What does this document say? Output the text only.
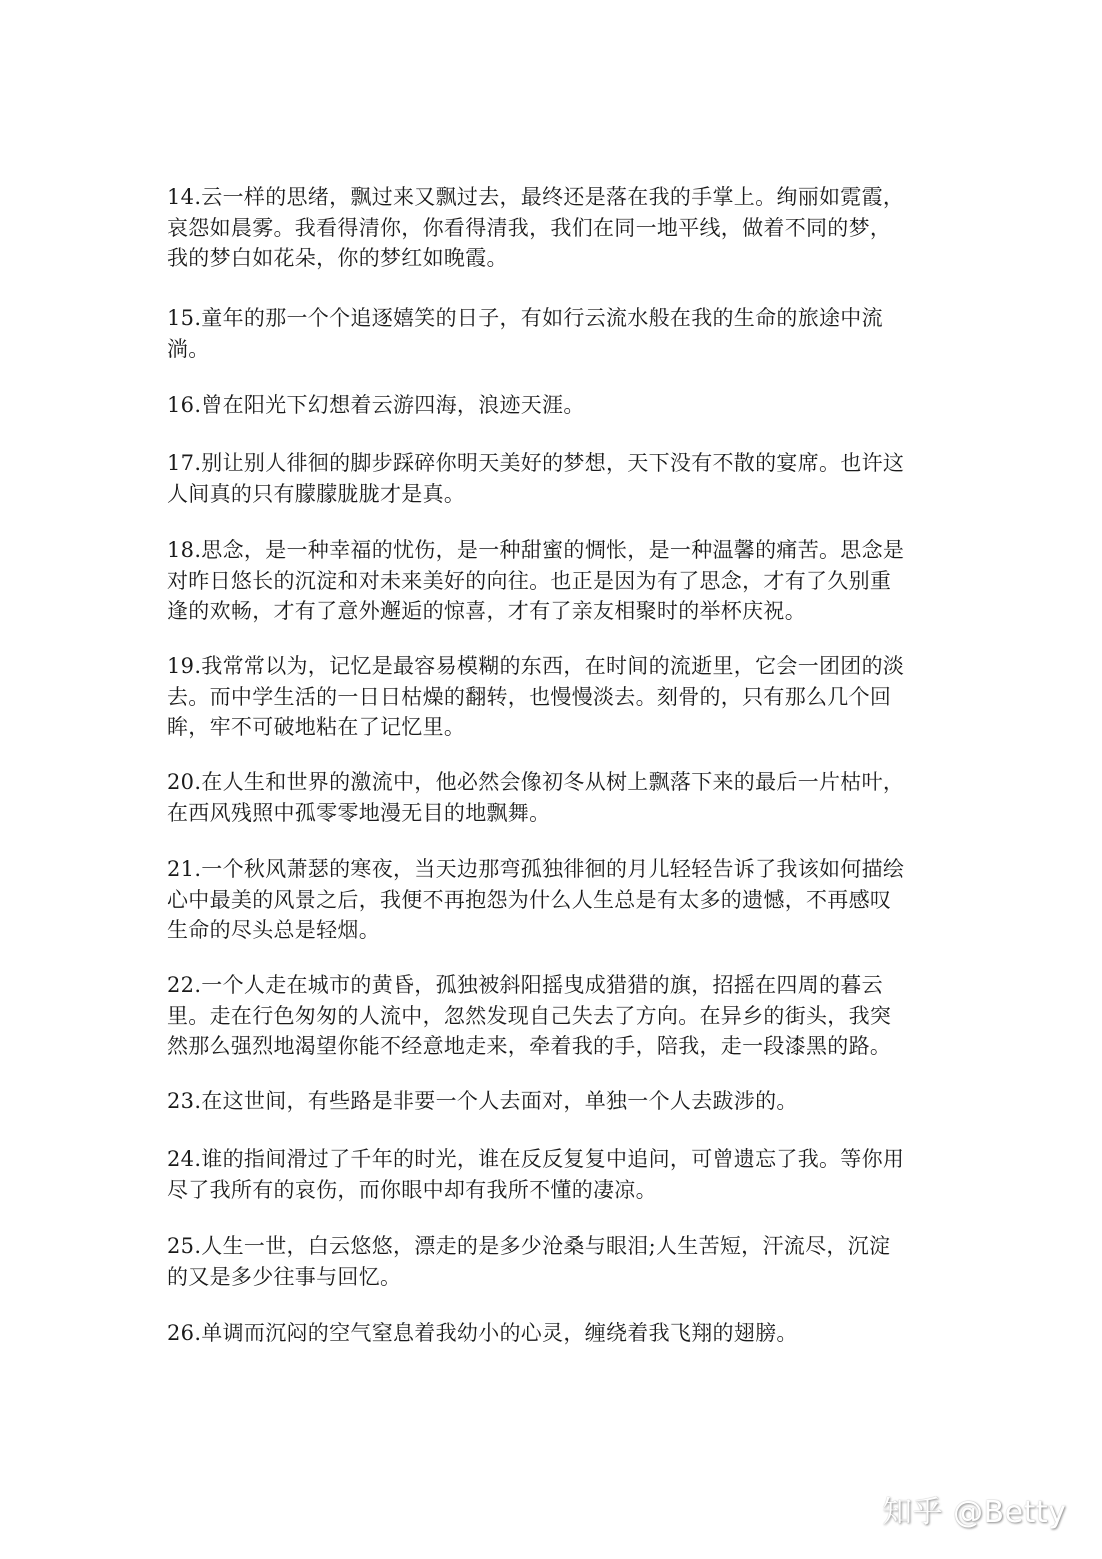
14.云一样的思绪，飘过来又飘过去，最终还是落在我的手掌上。绚丽如霓霞，
哀怨如晨雾。我看得清你，你看得清我，我们在同一地平线，做着不同的梦，
我的梦白如花朵，你的梦红如晚霞。

15.童年的那一个个追逐嬉笑的日子，有如行云流水般在我的生命的旅途中流
淌。

16.曾在阳光下幻想着云游四海，浪迹天涯。

17.别让别人徘徊的脚步踩碎你明天美好的梦想，天下没有不散的宴席。也许这
人间真的只有朦朦胧胧才是真。

18.思念，是一种幸福的忧伤，是一种甜蜜的惆怅，是一种温馨的痛苦。思念是
对昨日悠长的沉淀和对未来美好的向往。也正是因为有了思念，才有了久别重
逢的欢畅，才有了意外邂逅的惊喜，才有了亲友相聚时的举杯庆祝。

19.我常常以为，记忆是最容易模糊的东西，在时间的流逝里，它会一团团的淡
去。而中学生活的一日日枯燥的翻转，也慢慢淡去。刻骨的，只有那么几个回
眸，牢不可破地粘在了记忆里。

20.在人生和世界的激流中，他必然会像初冬从树上飘落下来的最后一片枯叶，
在西风残照中孤零零地漫无目的地飘舞。

21.一个秋风萧瑟的寒夜，当天边那弯孤独徘徊的月儿轻轻告诉了我该如何描绘
心中最美的风景之后，我便不再抱怨为什么人生总是有太多的遗憾，不再感叹
生命的尽头总是轻烟。

22.一个人走在城市的黄昏，孤独被斜阳摇曳成猎猎的旗，招摇在四周的暮云
里。走在行色匆匆的人流中，忽然发现自己失去了方向。在异乡的街头，我突
然那么强烈地渴望你能不经意地走来，牵着我的手，陪我，走一段漆黑的路。

23.在这世间，有些路是非要一个人去面对，单独一个人去跋涉的。

24.谁的指间滑过了千年的时光，谁在反反复复中追问，可曾遗忘了我。等你用
尽了我所有的哀伤，而你眼中却有我所不懂的凄凉。

25.人生一世，白云悠悠，漂走的是多少沧桑与眼泪;人生苦短，汗流尽，沉淀
的又是多少往事与回忆。

26.单调而沉闷的空气窒息着我幼小的心灵，缠绕着我飞翔的翅膀。

知乎 @Betty
